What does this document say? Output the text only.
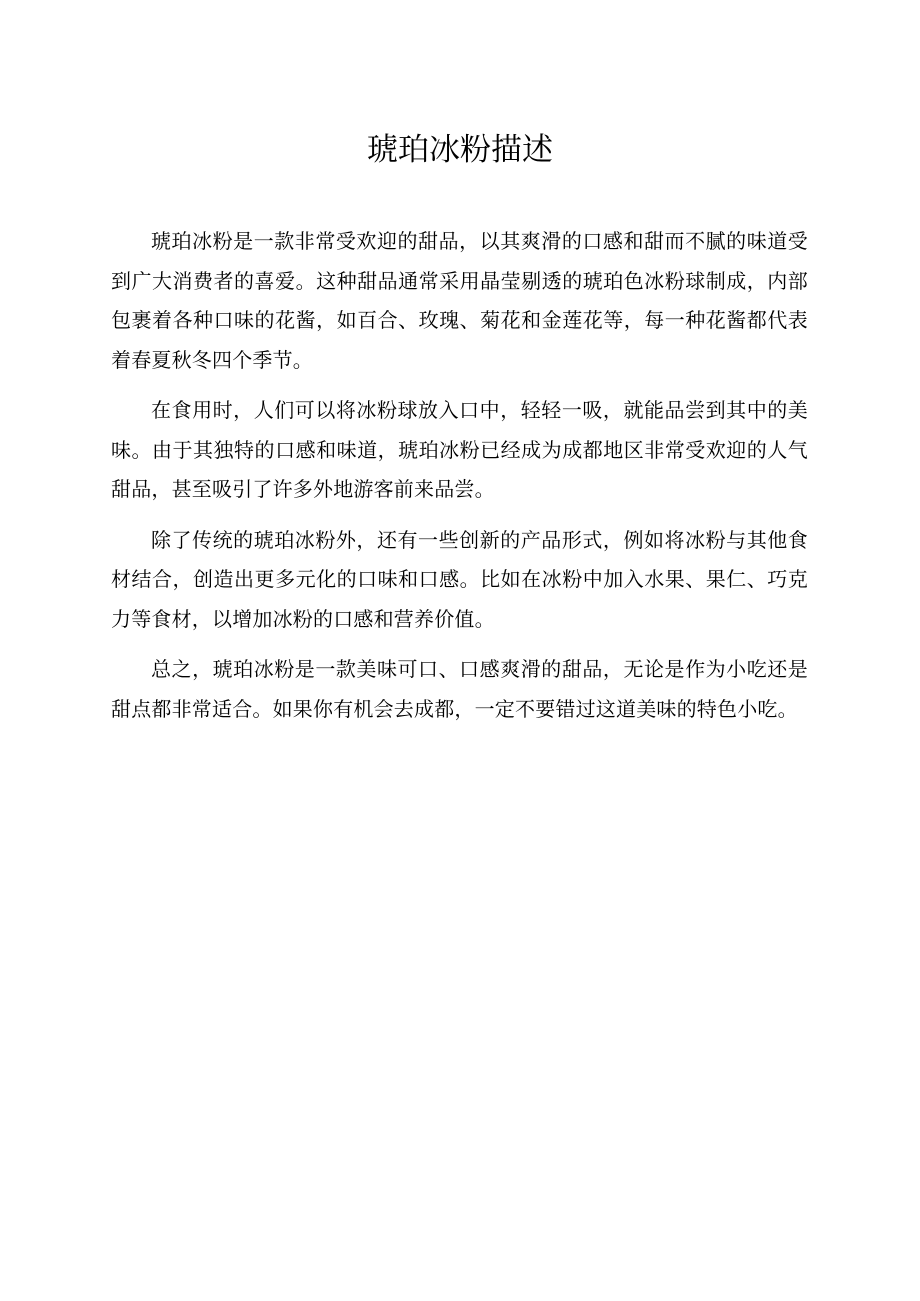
琥珀冰粉描述

琥珀冰粉是一款非常受欢迎的甜品，以其爽滑的口感和甜而不腻的味道受到广大消费者的喜爱。这种甜品通常采用晶莹剔透的琥珀色冰粉球制成，内部包裹着各种口味的花酱，如百合、玫瑰、菊花和金莲花等，每一种花酱都代表着春夏秋冬四个季节。

在食用时，人们可以将冰粉球放入口中，轻轻一吸，就能品尝到其中的美味。由于其独特的口感和味道，琥珀冰粉已经成为成都地区非常受欢迎的人气甜品，甚至吸引了许多外地游客前来品尝。

除了传统的琥珀冰粉外，还有一些创新的产品形式，例如将冰粉与其他食材结合，创造出更多元化的口味和口感。比如在冰粉中加入水果、果仁、巧克力等食材，以增加冰粉的口感和营养价值。

总之，琥珀冰粉是一款美味可口、口感爽滑的甜品，无论是作为小吃还是甜点都非常适合。如果你有机会去成都，一定不要错过这道美味的特色小吃。
